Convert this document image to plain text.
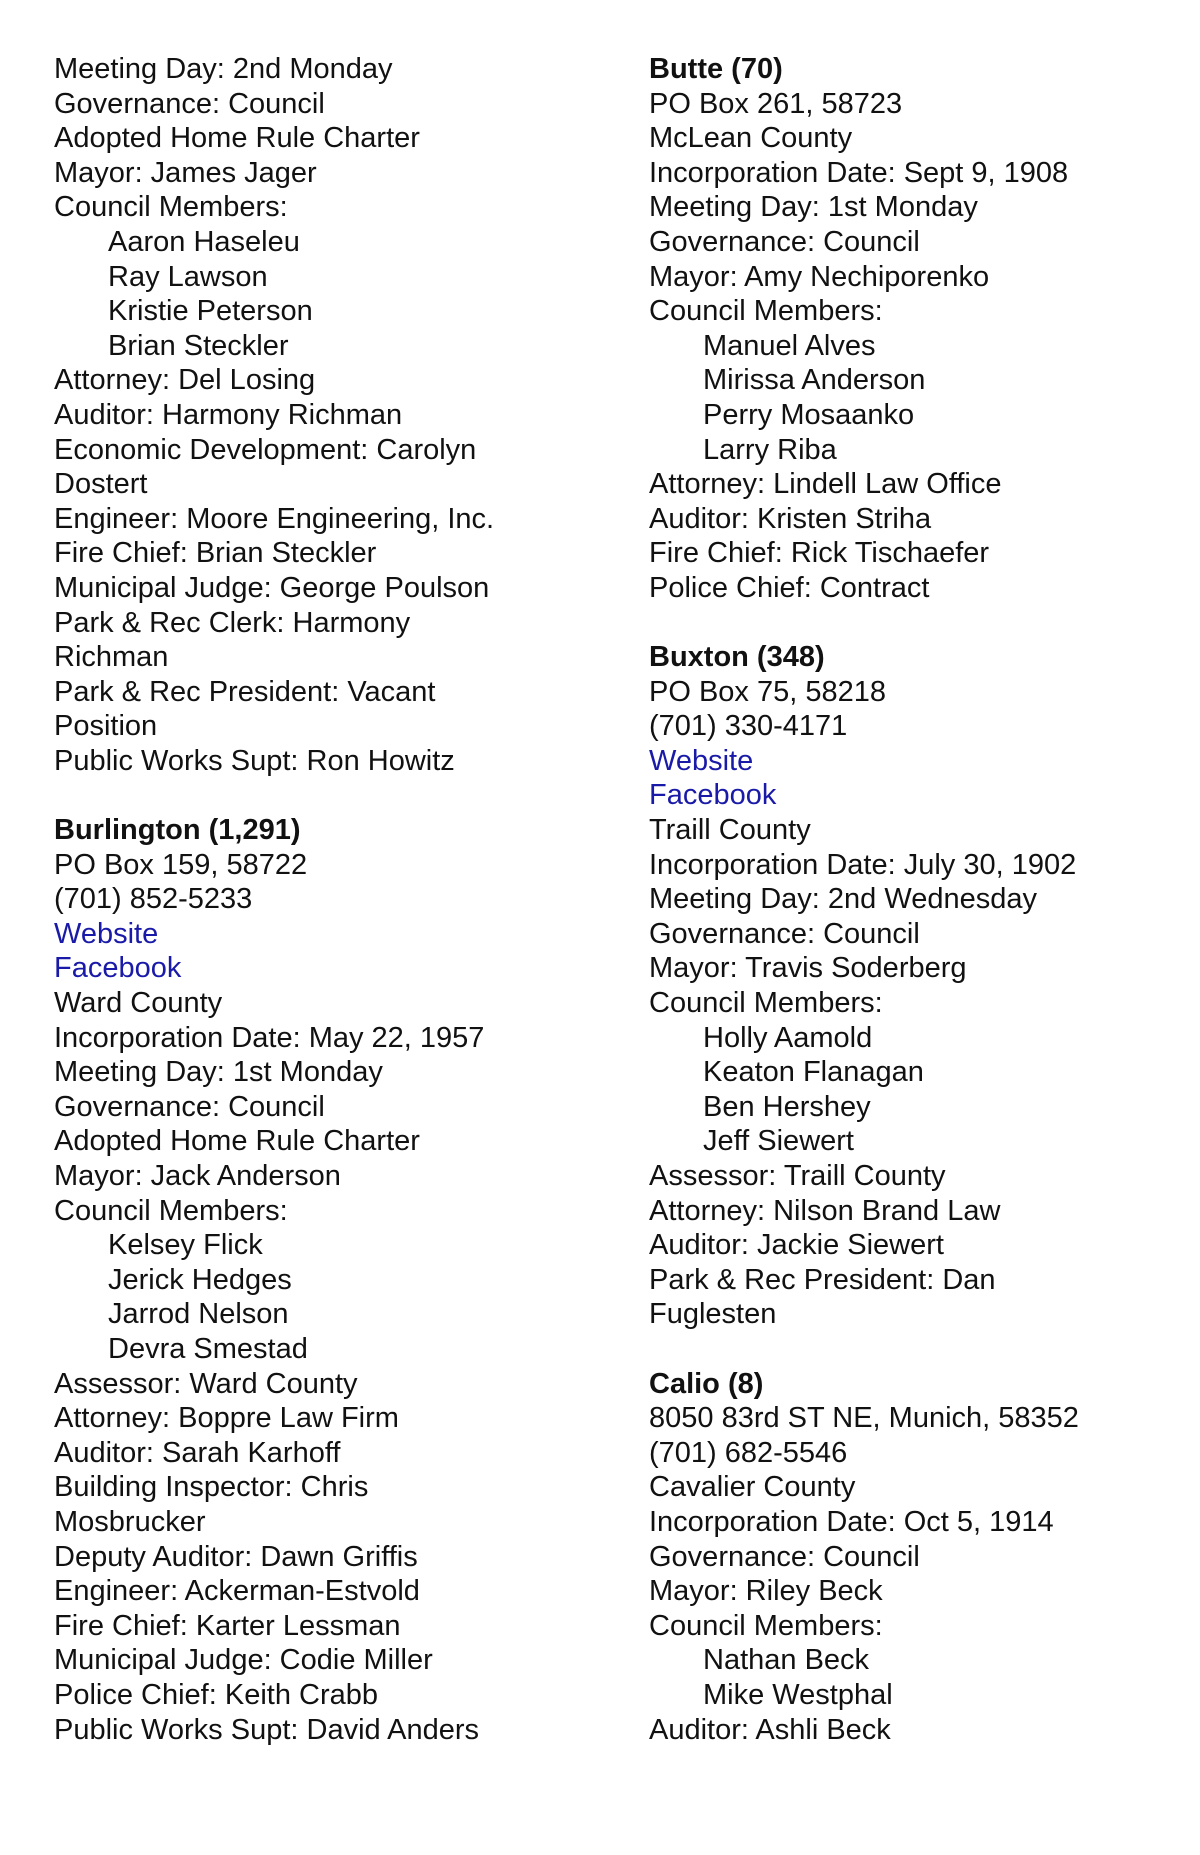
Meeting Day: 2nd Monday
Governance: Council
Adopted Home Rule Charter
Mayor: James Jager
Council Members:
Aaron Haseleu
Ray Lawson
Kristie Peterson
Brian Steckler
Attorney: Del Losing
Auditor: Harmony Richman
Economic Development: Carolyn
Dostert
Engineer: Moore Engineering, Inc.
Fire Chief: Brian Steckler
Municipal Judge: George Poulson
Park & Rec Clerk: Harmony
Richman
Park & Rec President: Vacant
Position
Public Works Supt: Ron Howitz
Burlington (1,291)
PO Box 159, 58722
(701) 852-5233
Website
Facebook
Ward County
Incorporation Date: May 22, 1957
Meeting Day: 1st Monday
Governance: Council
Adopted Home Rule Charter
Mayor: Jack Anderson
Council Members:
Kelsey Flick
Jerick Hedges
Jarrod Nelson
Devra Smestad
Assessor: Ward County
Attorney: Boppre Law Firm
Auditor: Sarah Karhoff
Building Inspector: Chris
Mosbrucker
Deputy Auditor: Dawn Griffis
Engineer: Ackerman-Estvold
Fire Chief: Karter Lessman
Municipal Judge: Codie Miller
Police Chief: Keith Crabb
Public Works Supt: David Anders
Butte (70)
PO Box 261, 58723
McLean County
Incorporation Date: Sept 9, 1908
Meeting Day: 1st Monday
Governance: Council
Mayor: Amy Nechiporenko
Council Members:
Manuel Alves
Mirissa Anderson
Perry Mosaanko
Larry Riba
Attorney: Lindell Law Office
Auditor: Kristen Striha
Fire Chief: Rick Tischaefer
Police Chief: Contract
Buxton (348)
PO Box 75, 58218
(701) 330-4171
Website
Facebook
Traill County
Incorporation Date: July 30, 1902
Meeting Day: 2nd Wednesday
Governance: Council
Mayor: Travis Soderberg
Council Members:
Holly Aamold
Keaton Flanagan
Ben Hershey
Jeff Siewert
Assessor: Traill County
Attorney: Nilson Brand Law
Auditor: Jackie Siewert
Park & Rec President: Dan
Fuglesten
Calio (8)
8050 83rd ST NE, Munich, 58352
(701) 682-5546
Cavalier County
Incorporation Date: Oct 5, 1914
Governance: Council
Mayor: Riley Beck
Council Members:
Nathan Beck
Mike Westphal
Auditor: Ashli Beck
